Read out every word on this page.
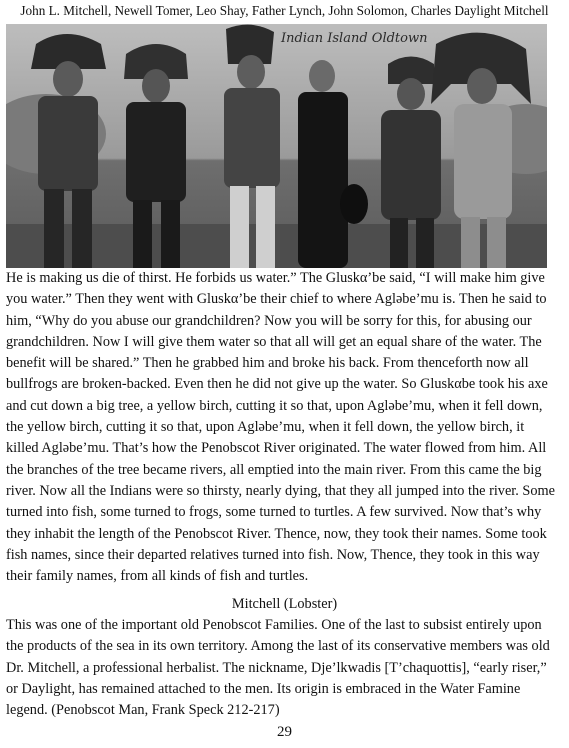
John L. Mitchell, Newell Tomer, Leo Shay, Father Lynch, John Solomon, Charles Daylight Mitchell
Indian Island Oldtown

He is making us die of thirst. He forbids us water.” The Gluskα’be said, “I will make him give you water.” Then they went with Gluskα’be their chief to where Agləbe’mu is. Then he said to him, “Why do you abuse our grandchildren? Now you will be sorry for this, for abusing our grandchildren. Now I will give them water so that all will get an equal share of the water. The benefit will be shared.” Then he grabbed him and broke his back. From thenceforth now all bullfrogs are broken-backed. Even then he did not give up the water. So Gluskαbe took his axe and cut down a big tree, a yellow birch, cutting it so that, upon Agləbe’mu, when it fell down, the yellow birch, cutting it so that, upon Agləbe’mu, when it fell down, the yellow birch, it killed Agləbe’mu. That’s how the Penobscot River originated. The water flowed from him. All the branches of the tree became rivers, all emptied into the main river. From this came the big river. Now all the Indians were so thirsty, nearly dying, that they all jumped into the river. Some turned into fish, some turned to frogs, some turned to turtles. A few survived. Now that’s why they inhabit the length of the Penobscot River. Thence, now, they took their names. Some took fish names, since their departed relatives turned into fish. Now, Thence, they took in this way their family names, from all kinds of fish and turtles.

Mitchell (Lobster)

This was one of the important old Penobscot Families. One of the last to subsist entirely upon the products of the sea in its own territory. Among the last of its conservative members was old Dr. Mitchell, a professional herbalist. The nickname, Dje’lkwadis [T’chaquottis], “early riser,” or Daylight, has remained attached to the men. Its origin is embraced in the Water Famine legend. (Penobscot Man, Frank Speck 212-217)

29
